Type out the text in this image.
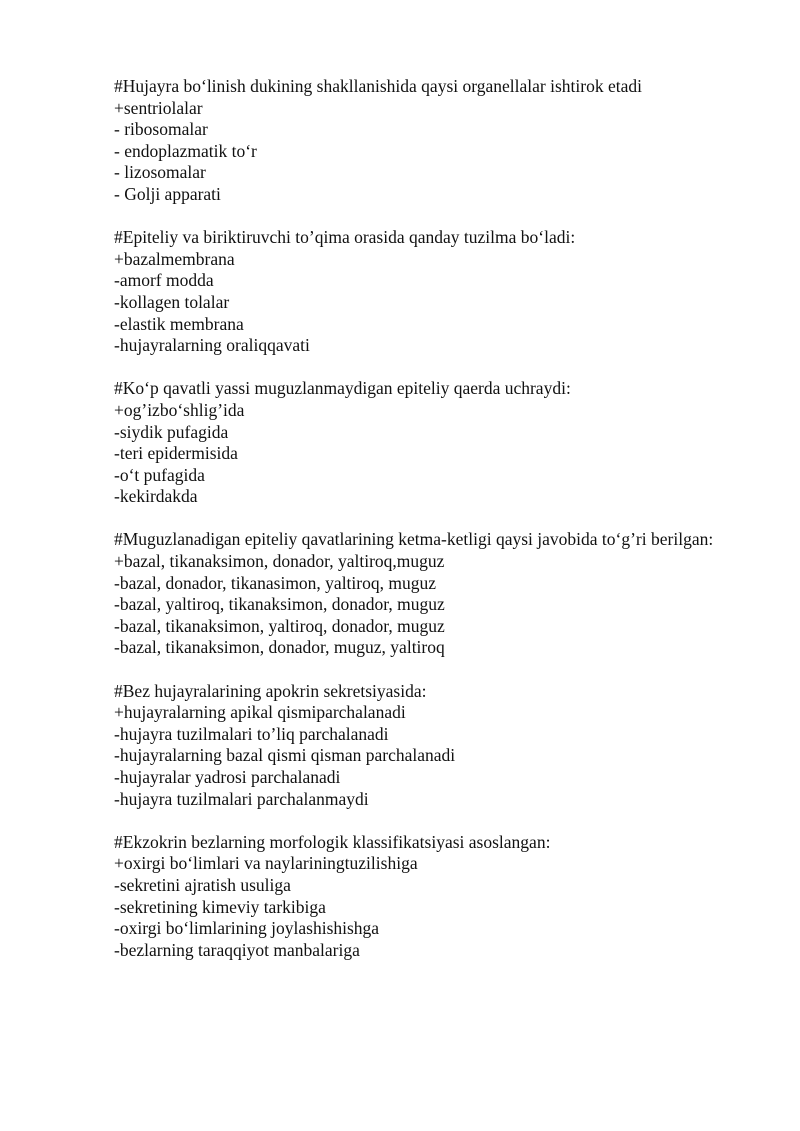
#Hujayra bo‘linish dukining shakllanishida qaysi organellalar ishtirok etadi
+sentriolalar
- ribosomalar
- endoplazmatik to‘r
- lizosomalar
- Golji apparati
#Epiteliy va biriktiruvchi to’qima orasida qanday tuzilma bo‘ladi:
+bazalmembrana
-amorf modda
-kollagen tolalar
-elastik membrana
-hujayralarning oraliqqavati
#Ko‘p qavatli yassi muguzlanmaydigan epiteliy qaerda uchraydi:
+og’izbo‘shlig’ida
-siydik pufagida
-teri epidermisida
-o‘t pufagida
-kekirdakda
#Muguzlanadigan epiteliy qavatlarining ketma-ketligi qaysi javobida to‘g’ri berilgan:
+bazal, tikanaksimon, donador, yaltiroq,muguz
-bazal, donador, tikanasimon, yaltiroq, muguz
-bazal, yaltiroq, tikanaksimon, donador, muguz
-bazal, tikanaksimon, yaltiroq, donador, muguz
-bazal, tikanaksimon, donador, muguz, yaltiroq
#Bez hujayralarining apokrin sekretsiyasida:
+hujayralarning apikal qismiparchalanadi
-hujayra tuzilmalari to’liq parchalanadi
-hujayralarning bazal qismi qisman parchalanadi
-hujayralar yadrosi parchalanadi
-hujayra tuzilmalari parchalanmaydi
#Ekzokrin bezlarning morfologik klassifikatsiyasi asoslangan:
+oxirgi bo‘limlari va naylariningtuzilishiga
-sekretini ajratish usuliga
-sekretining kimeviy tarkibiga
-oxirgi bo‘limlarining joylashishishga
-bezlarning taraqqiyot manbalariga
